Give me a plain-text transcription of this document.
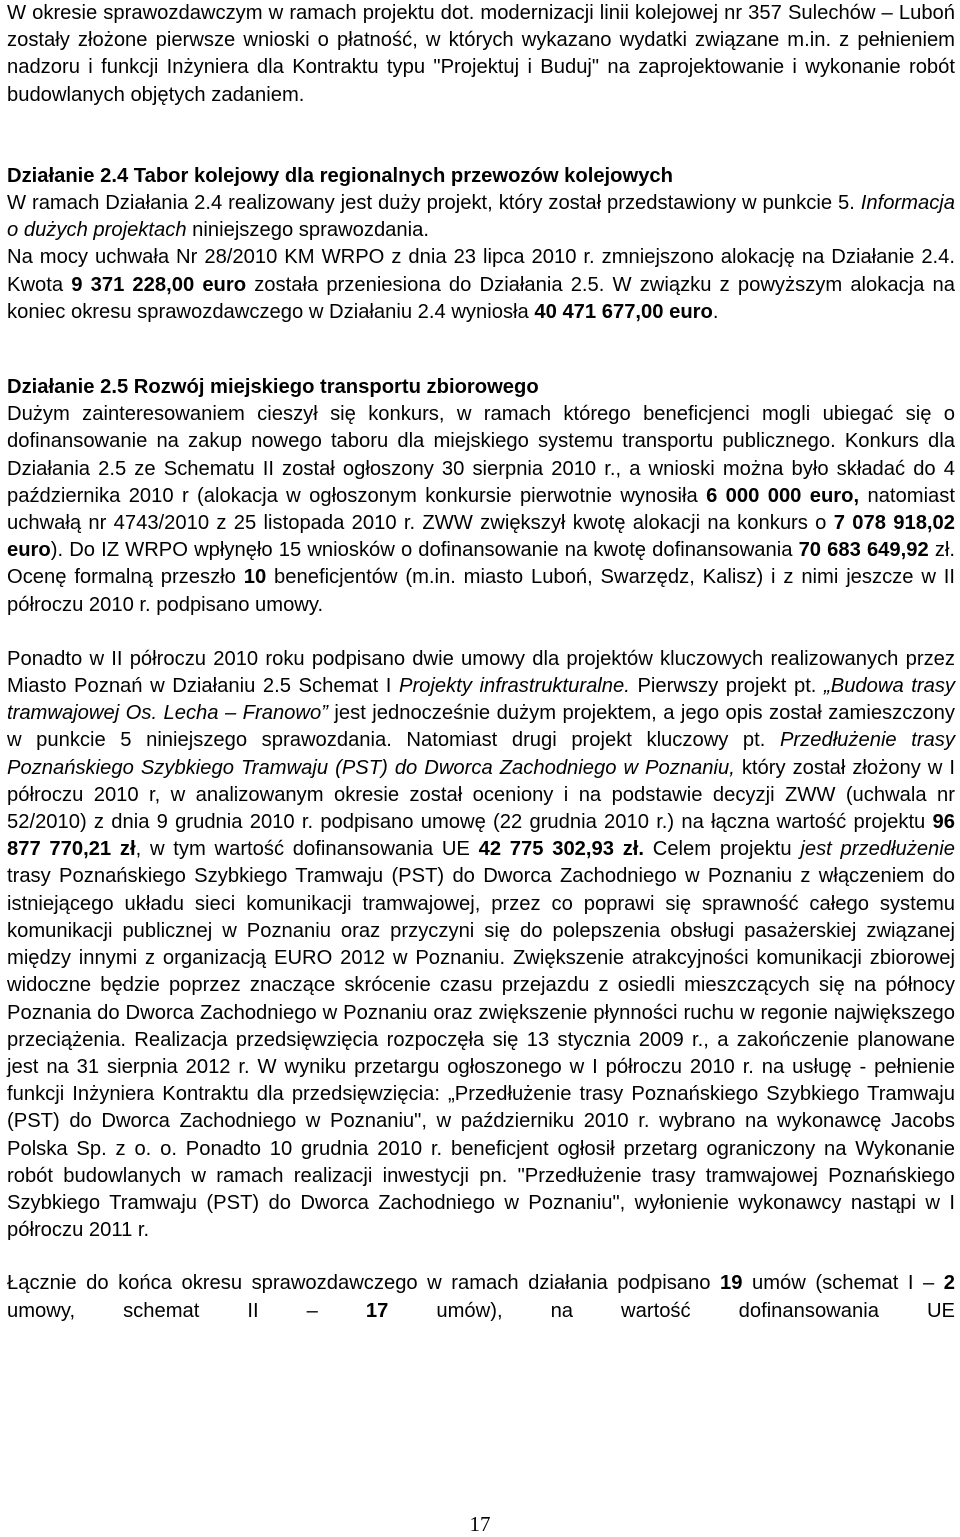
W okresie sprawozdawczym w ramach projektu dot. modernizacji linii kolejowej nr 357 Sulechów – Luboń zostały złożone pierwsze wnioski o płatność, w których wykazano wydatki związane m.in. z pełnieniem nadzoru i funkcji Inżyniera dla Kontraktu typu "Projektuj i Buduj" na zaprojektowanie i wykonanie robót budowlanych objętych zadaniem.

Działanie 2.4 Tabor kolejowy dla regionalnych przewozów kolejowych

W ramach Działania 2.4 realizowany jest duży projekt, który został przedstawiony w punkcie 5. Informacja o dużych projektach niniejszego sprawozdania.

Na mocy uchwała Nr 28/2010 KM WRPO z dnia 23 lipca 2010 r. zmniejszono alokację na Działanie 2.4. Kwota 9 371 228,00 euro została przeniesiona do Działania 2.5. W związku z powyższym alokacja na koniec okresu sprawozdawczego w Działaniu 2.4 wyniosła 40 471 677,00 euro.

Działanie 2.5 Rozwój miejskiego transportu zbiorowego

Dużym zainteresowaniem cieszył się konkurs, w ramach którego beneficjenci mogli ubiegać się o dofinansowanie na zakup nowego taboru dla miejskiego systemu transportu publicznego. Konkurs dla Działania 2.5 ze Schematu II został ogłoszony 30 sierpnia 2010 r., a wnioski można było składać do 4 października 2010 r (alokacja w ogłoszonym konkursie pierwotnie wynosiła 6 000 000 euro, natomiast uchwałą nr 4743/2010 z 25 listopada 2010 r. ZWW zwiększył kwotę alokacji na konkurs o 7 078 918,02 euro). Do IZ WRPO wpłynęło 15 wniosków o dofinansowanie na kwotę dofinansowania 70 683 649,92 zł. Ocenę formalną przeszło 10 beneficjentów (m.in. miasto Luboń, Swarzędz, Kalisz) i z nimi jeszcze w II półroczu 2010 r. podpisano umowy.

Ponadto w II półroczu 2010 roku podpisano dwie umowy dla projektów kluczowych realizowanych przez Miasto Poznań w Działaniu 2.5 Schemat I Projekty infrastrukturalne. Pierwszy projekt pt. „Budowa trasy tramwajowej Os. Lecha – Franowo” jest jednocześnie dużym projektem, a jego opis został zamieszczony w punkcie 5 niniejszego sprawozdania. Natomiast drugi projekt kluczowy pt. Przedłużenie trasy Poznańskiego Szybkiego Tramwaju (PST) do Dworca Zachodniego w Poznaniu, który został złożony w I półroczu 2010 r, w analizowanym okresie został oceniony i na podstawie decyzji ZWW (uchwala nr 52/2010) z dnia 9 grudnia 2010 r. podpisano umowę (22 grudnia 2010 r.) na łączna wartość projektu 96 877 770,21 zł, w tym wartość dofinansowania UE 42 775 302,93 zł. Celem projektu jest przedłużenie trasy Poznańskiego Szybkiego Tramwaju (PST) do Dworca Zachodniego w Poznaniu z włączeniem do istniejącego układu sieci komunikacji tramwajowej, przez co poprawi się sprawność całego systemu komunikacji publicznej w Poznaniu oraz przyczyni się do polepszenia obsługi pasażerskiej związanej między innymi z organizacją EURO 2012 w Poznaniu. Zwiększenie atrakcyjności komunikacji zbiorowej widoczne będzie poprzez znaczące skrócenie czasu przejazdu z osiedli mieszczących się na północy Poznania do Dworca Zachodniego w Poznaniu oraz zwiększenie płynności ruchu w regonie największego przeciążenia. Realizacja przedsięwzięcia rozpoczęła się 13 stycznia 2009 r., a zakończenie planowane jest na 31 sierpnia 2012 r. W wyniku przetargu ogłoszonego w I półroczu 2010 r. na usługę - pełnienie funkcji Inżyniera Kontraktu dla przedsięwzięcia: „Przedłużenie trasy Poznańskiego Szybkiego Tramwaju (PST) do Dworca Zachodniego w Poznaniu", w październiku 2010 r. wybrano na wykonawcę Jacobs Polska Sp. z o. o. Ponadto 10 grudnia 2010 r. beneficjent ogłosił przetarg ograniczony na Wykonanie robót budowlanych w ramach realizacji inwestycji pn. "Przedłużenie trasy tramwajowej Poznańskiego Szybkiego Tramwaju (PST) do Dworca Zachodniego w Poznaniu", wyłonienie wykonawcy nastąpi w I półroczu 2011 r.

Łącznie do końca okresu sprawozdawczego w ramach działania podpisano 19 umów (schemat I – 2 umowy, schemat II – 17 umów), na wartość dofinansowania UE

17
